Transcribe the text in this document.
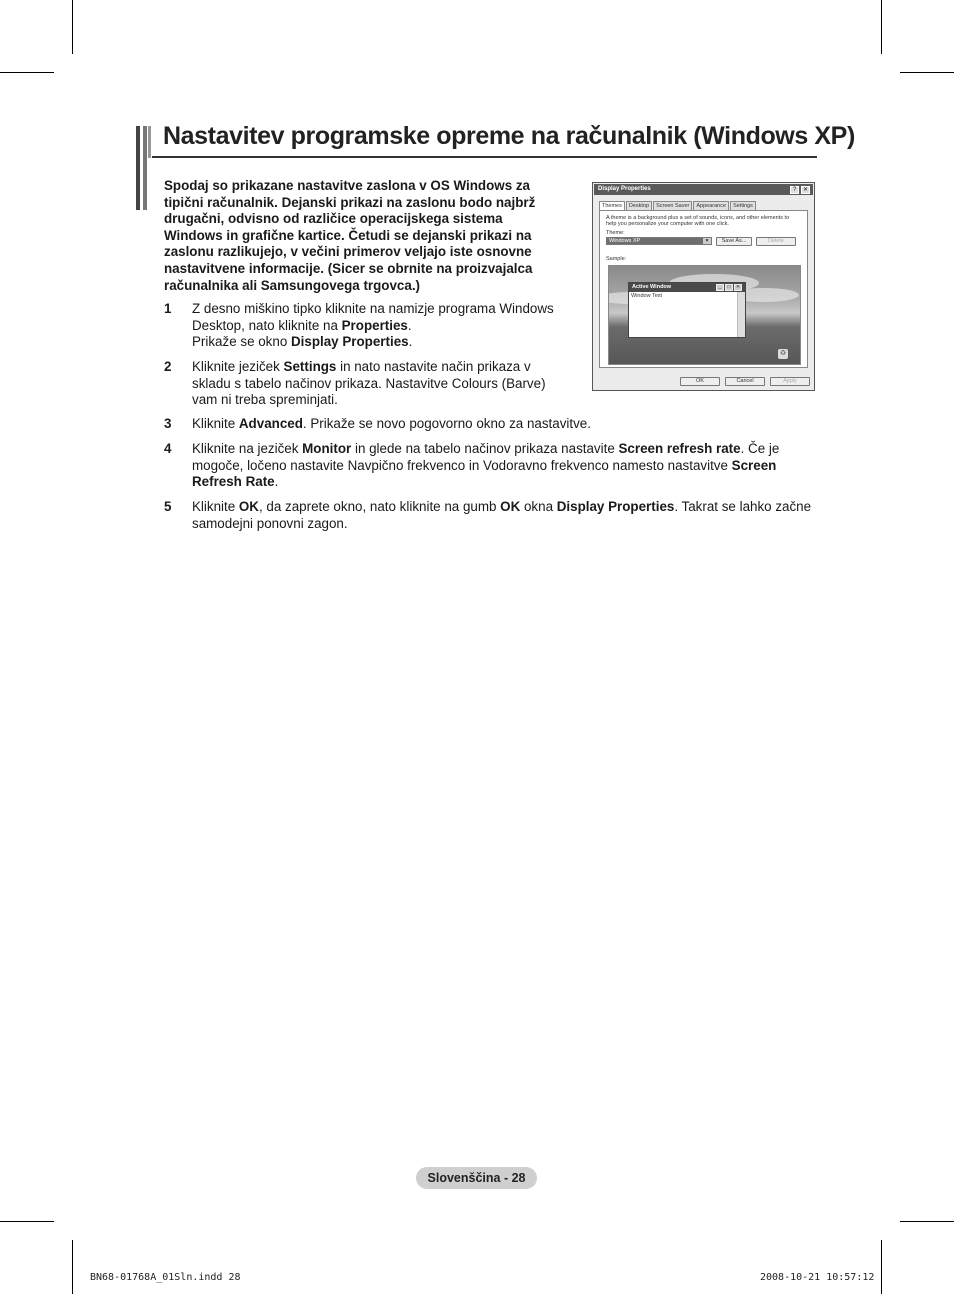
Nastavitev programske opreme na računalnik (Windows XP)
Spodaj so prikazane nastavitve zaslona v OS Windows za tipični računalnik. Dejanski prikazi na zaslonu bodo najbrž drugačni, odvisno od različice operacijskega sistema Windows in grafične kartice. Četudi se dejanski prikazi na zaslonu razlikujejo, v večini primerov veljajo iste osnovne nastavitvene informacije. (Sicer se obrnite na proizvajalca računalnika ali Samsungovega trgovca.)
1 Z desno miškino tipko kliknite na namizje programa Windows Desktop, nato kliknite na Properties.
Prikaže se okno Display Properties.
2 Kliknite jeziček Settings in nato nastavite način prikaza v skladu s tabelo načinov prikaza. Nastavitve Colours (Barve) vam ni treba spreminjati.
3 Kliknite Advanced. Prikaže se novo pogovorno okno za nastavitve.
4 Kliknite na jeziček Monitor in glede na tabelo načinov prikaza nastavite Screen refresh rate. Če je mogoče, ločeno nastavite Navpično frekvenco in Vodoravno frekvenco namesto nastavitve Screen Refresh Rate.
5 Kliknite OK, da zaprete okno, nato kliknite na gumb OK okna Display Properties. Takrat se lahko začne samodejni ponovni zagon.
Display Properties	?	✕
Themes	Desktop	Screen Saver	Appearance	Settings
A theme is a background plus a set of sounds, icons, and other elements to help you personalize your computer with one click.
Theme:
Windows XP	▾	Save As...	Delete
Sample:
Active Window	_	□	✕
Window Text
♻
OK	Cancel	Apply
Slovenščina - 28
BN68-01768A_01Sln.indd 28	2008-10-21 10:57:12
